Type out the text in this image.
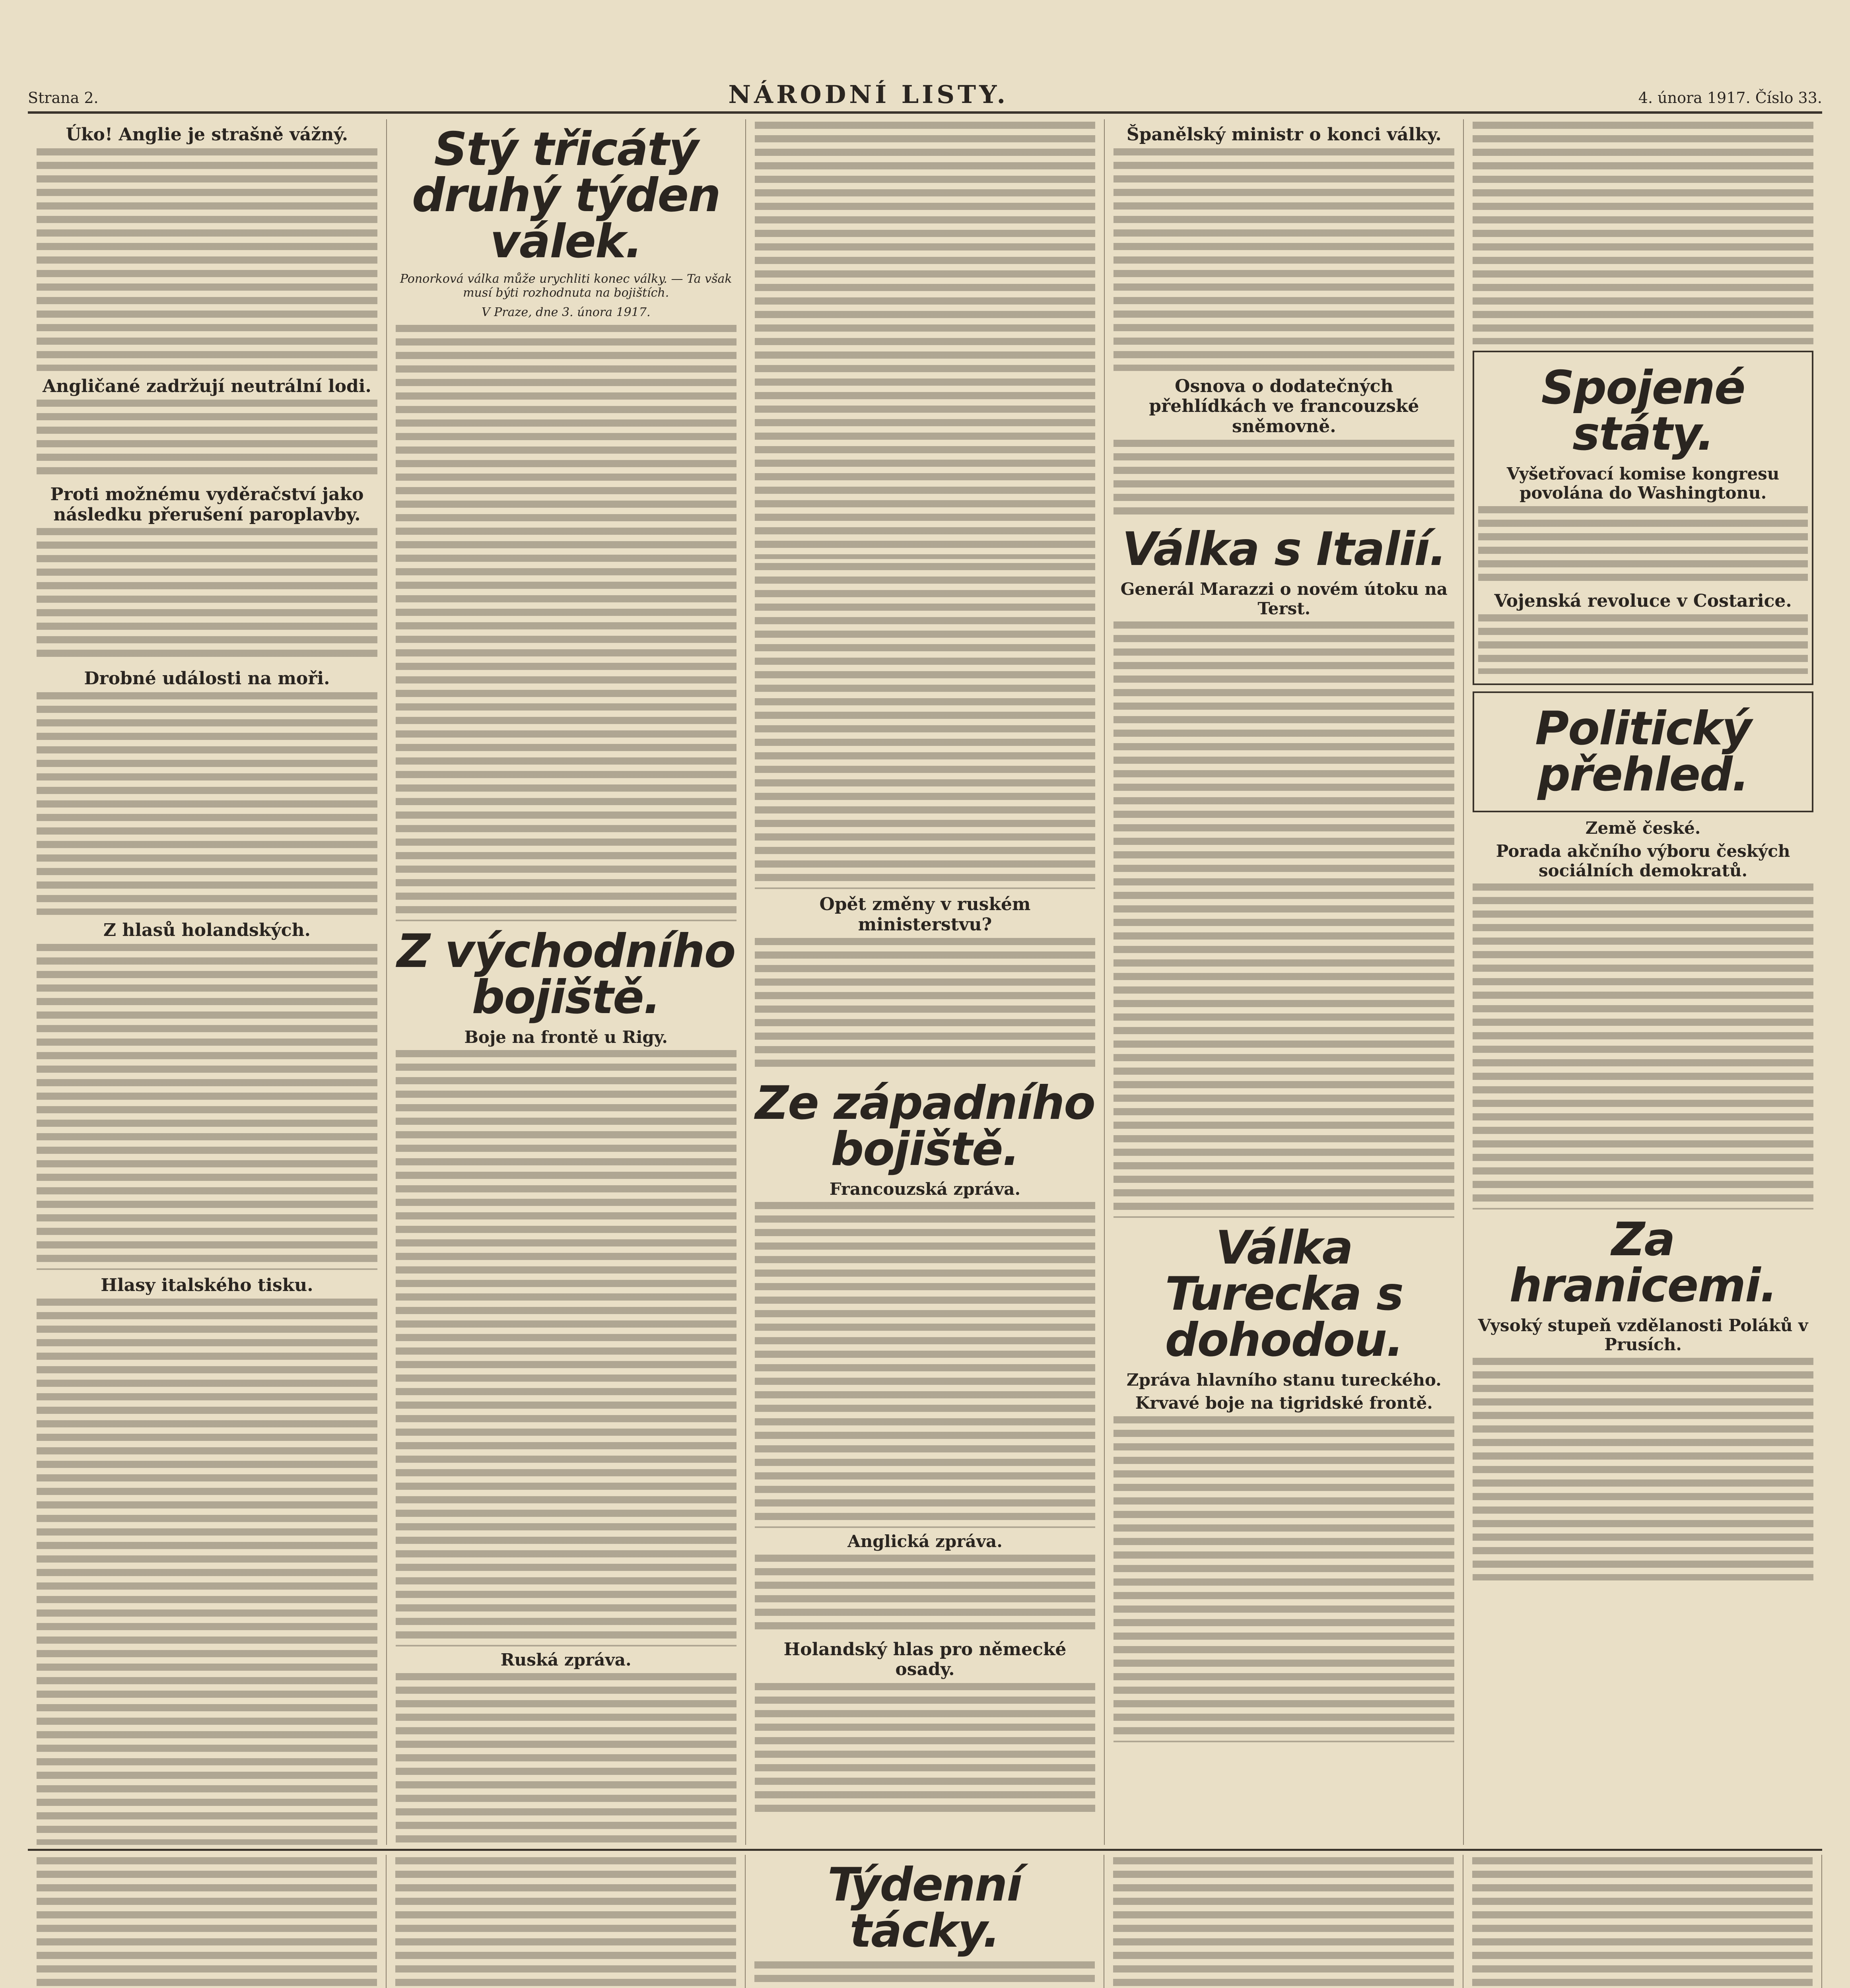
Strana 2.	NÁRODNÍ LISTY.	4. února 1917. Číslo 33.
Úko! Anglie je strašně vážný.
Angličané zadržují neutrální lodi.
Proti možnému vyděračství jako následku přerušení paroplavby.
Drobné události na moři.
Z hlasů holandských.
Hlasy italského tisku.
Stý třicátý druhý týden válek.
Ponorková válka může urychliti konec války. — Ta však musí býti rozhodnuta na bojištích.
V Praze, dne 3. února 1917.
Z východního bojiště.
Boje na frontě u Rigy.
Ruská zpráva.
Opět změny v ruském ministerstvu?
Ze západního bojiště.
Francouzská zpráva.
Anglická zpráva.
Holandský hlas pro německé osady.
Španělský ministr o konci války.
Osnova o dodatečných přehlídkách ve francouzské sněmovně.
Válka s Italií.
Generál Marazzi o novém útoku na Terst.
Válka Turecka s dohodou.
Zpráva hlavního stanu tureckého.
Krvavé boje na tigridské frontě.
Spojené státy.
Vyšetřovací komise kongresu povolána do Washingtonu.
Vojenská revoluce v Costarice.
Politický přehled.
Země české.
Porada akčního výboru českých sociálních demokratů.
Za hranicemi.
Vysoký stupeň vzdělanosti Poláků v Prusích.
Týdenní tácky.
